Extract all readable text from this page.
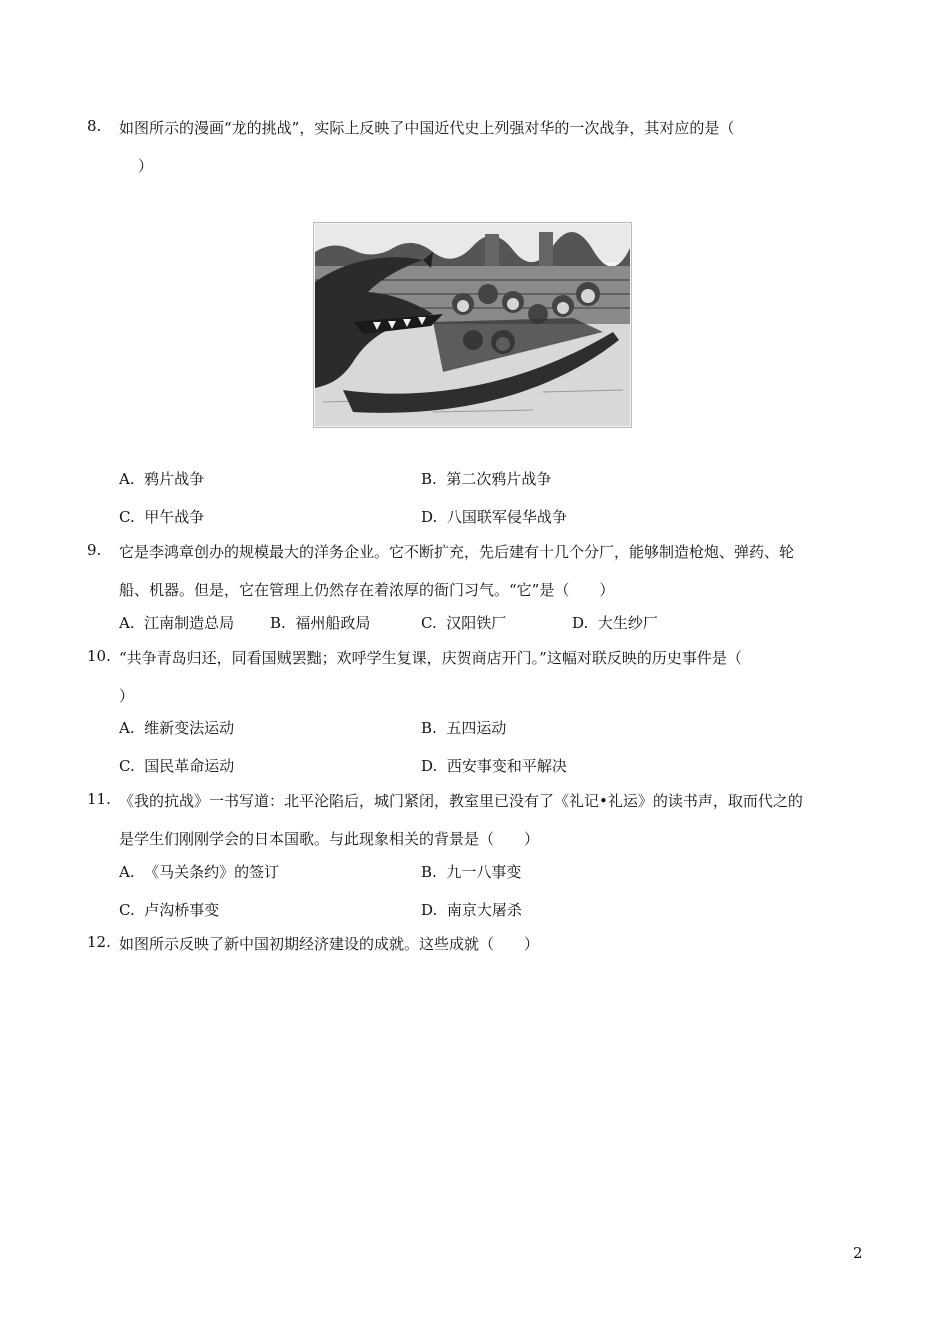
8. 如图所示的漫画“龙的挑战”，实际上反映了中国近代史上列强对华的一次战争，其对应的是（
）
A. 鸦片战争	B. 第二次鸦片战争
C. 甲午战争	D. 八国联军侵华战争
9. 它是李鸿章创办的规模最大的洋务企业。它不断扩充，先后建有十几个分厂，能够制造枪炮、弹药、轮
船、机器。但是，它在管理上仍然存在着浓厚的衙门习气。“它”是（　　）
A. 江南制造总局 B. 福州船政局	C. 汉阳铁厂	D. 大生纱厂
10. “共争青岛归还，同看国贼罢黜；欢呼学生复课，庆贺商店开门。”这幅对联反映的历史事件是（
）
A. 维新变法运动	B. 五四运动
C. 国民革命运动	D. 西安事变和平解决
11. 《我的抗战》一书写道：北平沦陷后，城门紧闭，教室里已没有了《礼记•礼运》的读书声，取而代之的
是学生们刚刚学会的日本国歌。与此现象相关的背景是（　　）
A. 《马关条约》的签订	B. 九一八事变
C. 卢沟桥事变	D. 南京大屠杀
12. 如图所示反映了新中国初期经济建设的成就。这些成就（　　）
2
